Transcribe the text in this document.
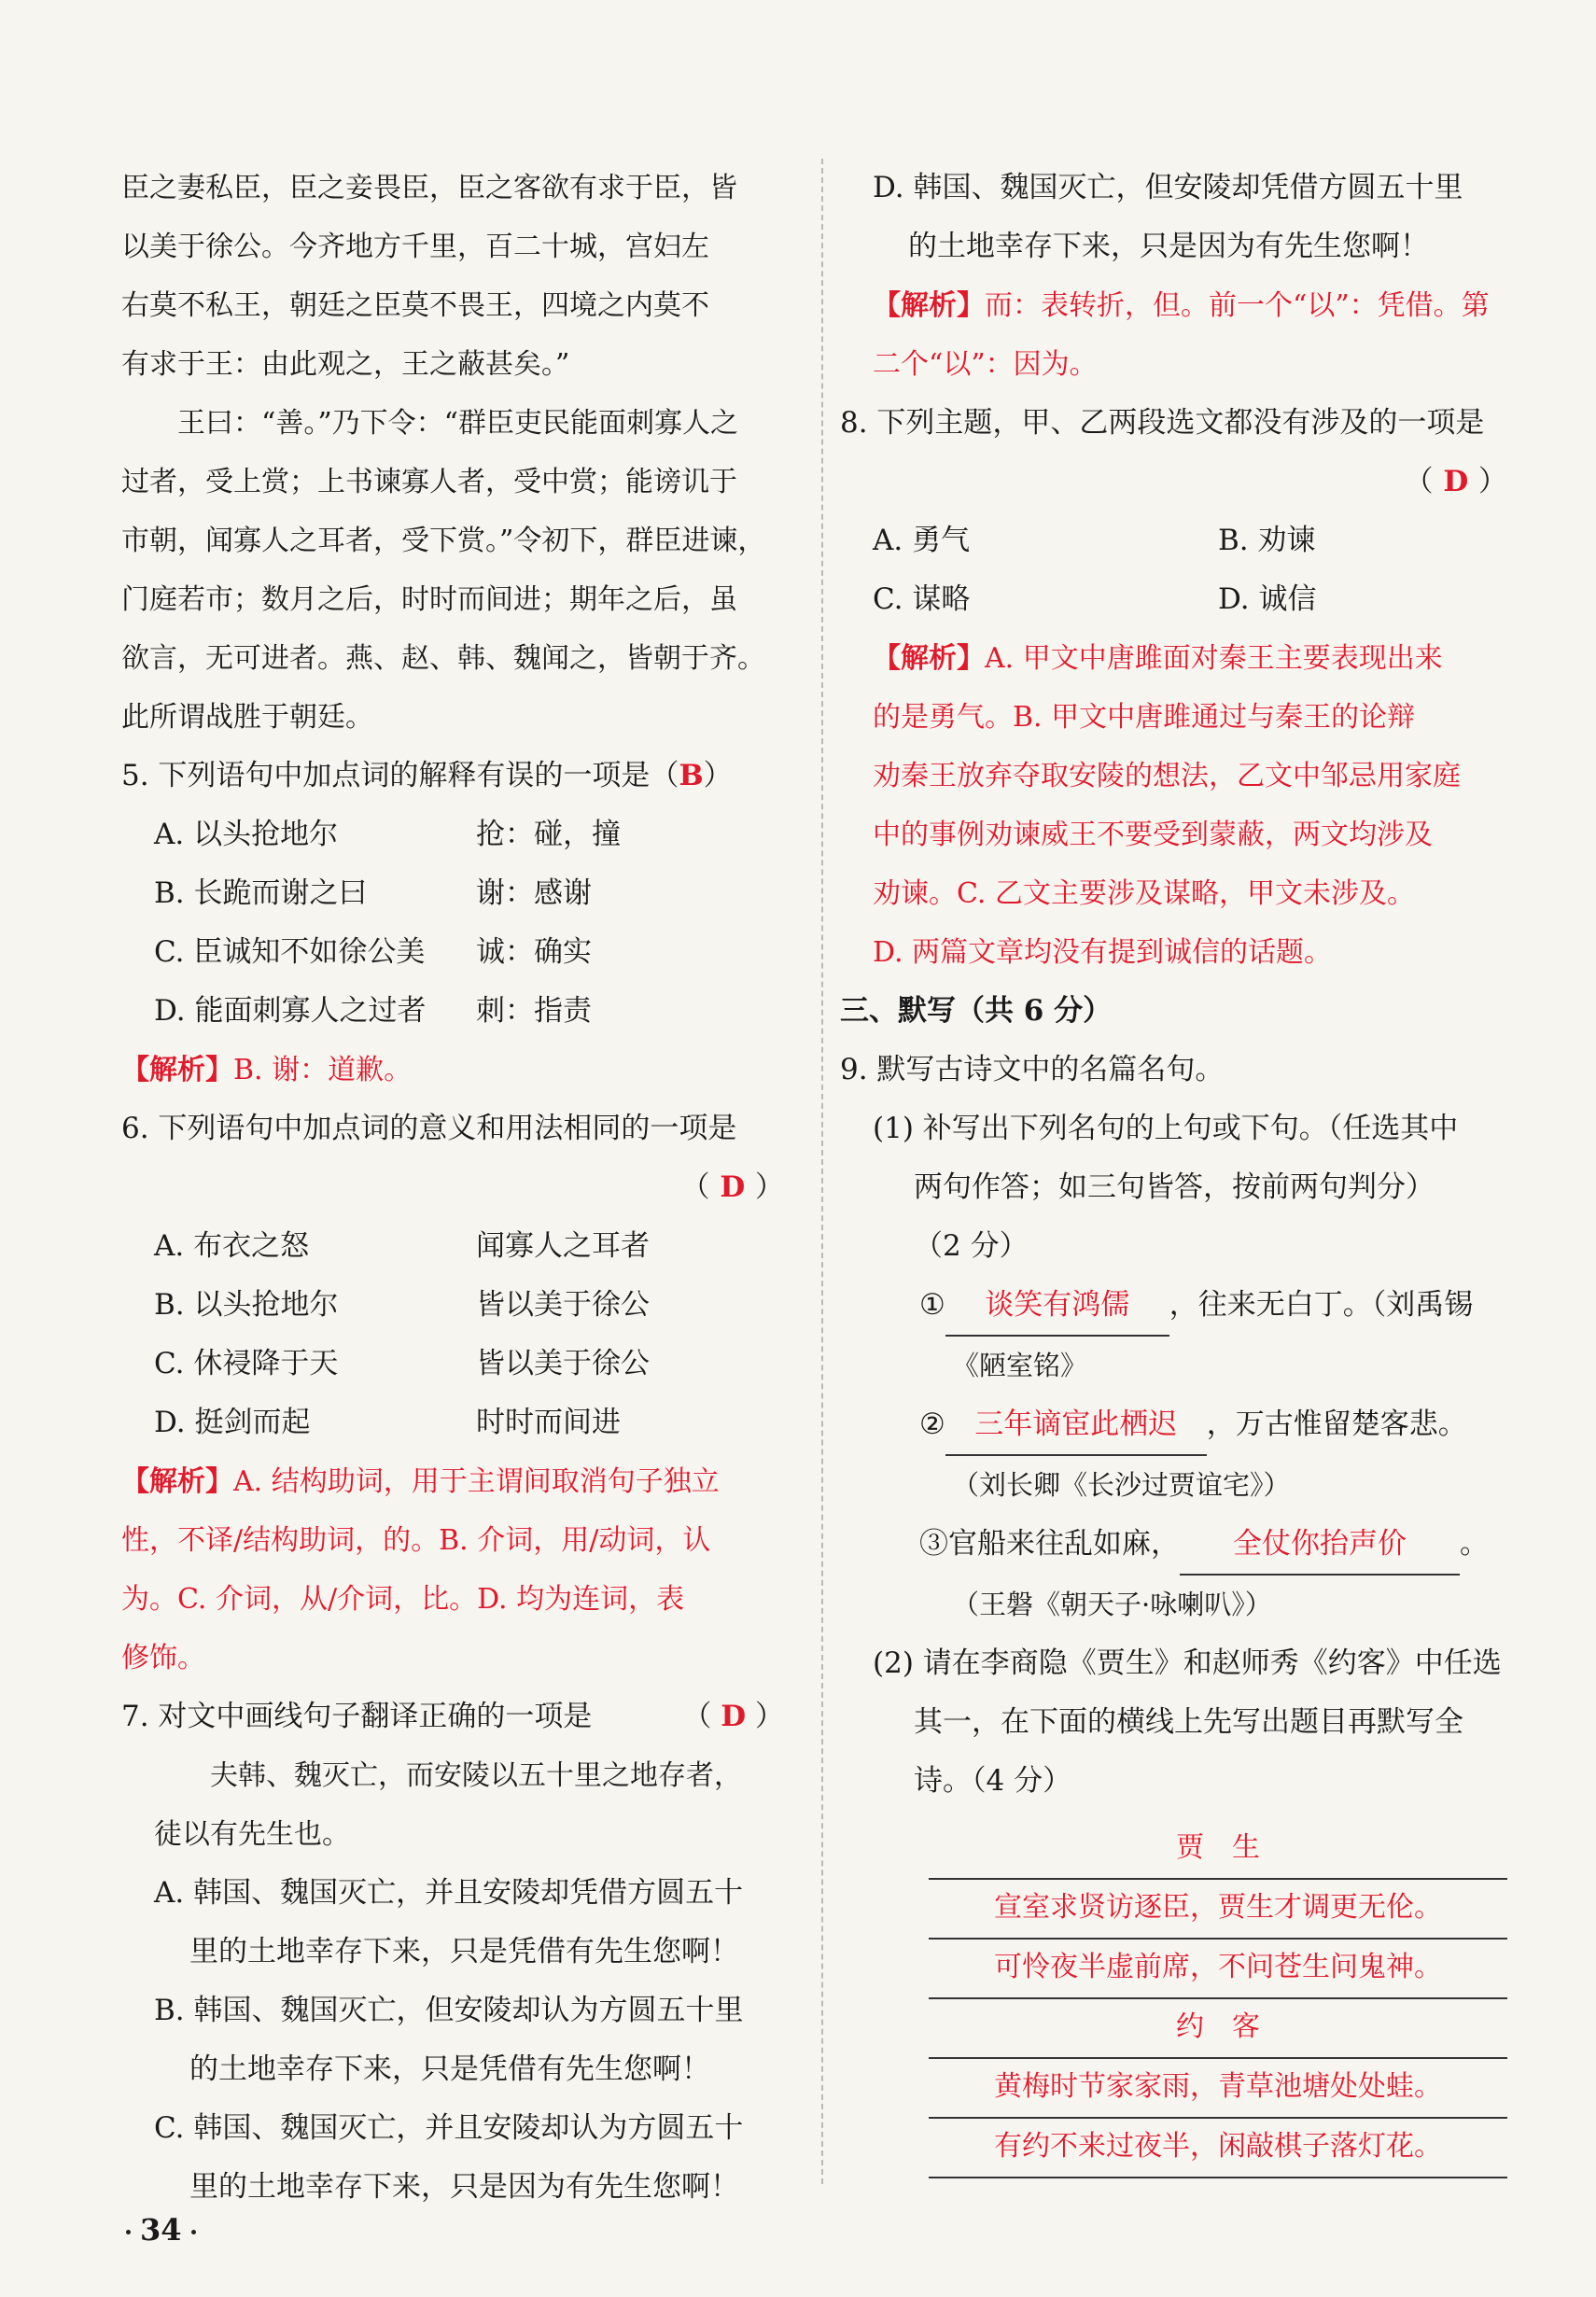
臣之妻私臣，臣之妾畏臣，臣之客欲有求于臣，皆

以美于徐公。今齐地方千里，百二十城，宫妇左

右莫不私王，朝廷之臣莫不畏王，四境之内莫不

有求于王：由此观之，王之蔽甚矣。”

王曰：“善。”乃下令：“群臣吏民能面刺寡人之

过者，受上赏；上书谏寡人者，受中赏；能谤讥于

市朝，闻寡人之耳者，受下赏。”令初下，群臣进谏，

门庭若市；数月之后，时时而间进；期年之后，虽

欲言，无可进者。燕、赵、韩、魏闻之，皆朝于齐。

此所谓战胜于朝廷。

5. 下列语句中加点词的解释有误的一项是（B）

A. 以头抢地尔	抢：碰，撞

B. 长跪而谢之曰	谢：感谢

C. 臣诚知不如徐公美 诚：确实

D. 能面刺寡人之过者 刺：指责

【解析】B. 谢：道歉。

6. 下列语句中加点词的意义和用法相同的一项是

（ D ）

A. 布衣之怒	闻寡人之耳者

B. 以头抢地尔	皆以美于徐公

C. 休祲降于天	皆以美于徐公

D. 挺剑而起	时时而间进

【解析】A. 结构助词，用于主谓间取消句子独立

性，不译/结构助词，的。B. 介词，用/动词，认

为。C. 介词，从/介词，比。D. 均为连词，表

修饰。

7. 对文中画线句子翻译正确的一项是	（ D ）

夫韩、魏灭亡，而安陵以五十里之地存者，

徒以有先生也。

A. 韩国、魏国灭亡，并且安陵却凭借方圆五十

里的土地幸存下来，只是凭借有先生您啊！

B. 韩国、魏国灭亡，但安陵却认为方圆五十里

的土地幸存下来，只是凭借有先生您啊！

C. 韩国、魏国灭亡，并且安陵却认为方圆五十

里的土地幸存下来，只是因为有先生您啊！

D. 韩国、魏国灭亡，但安陵却凭借方圆五十里

的土地幸存下来，只是因为有先生您啊！

【解析】而：表转折，但。前一个“以”：凭借。第

二个“以”：因为。

8. 下列主题，甲、乙两段选文都没有涉及的一项是

（ D ）

A. 勇气	B. 劝谏

C. 谋略	D. 诚信

【解析】A. 甲文中唐雎面对秦王主要表现出来

的是勇气。B. 甲文中唐雎通过与秦王的论辩

劝秦王放弃夺取安陵的想法，乙文中邹忌用家庭

中的事例劝谏威王不要受到蒙蔽，两文均涉及

劝谏。C. 乙文主要涉及谋略，甲文未涉及。

D. 两篇文章均没有提到诚信的话题。

三、默写（共 6 分）

9. 默写古诗文中的名篇名句。

(1) 补写出下列名句的上句或下句。（任选其中

两句作答；如三句皆答，按前两句判分）

（2 分）

① 谈笑有鸿儒 ，往来无白丁。（刘禹锡

《陋室铭》

② 三年谪宦此栖迟 ，万古惟留楚客悲。

（刘长卿《长沙过贾谊宅》）

③官船来往乱如麻， 全仗你抬声价 。

（王磐《朝天子·咏喇叭》）

(2) 请在李商隐《贾生》和赵师秀《约客》中任选

其一，在下面的横线上先写出题目再默写全

诗。（4 分）

贾　生
宣室求贤访逐臣，贾生才调更无伦。
可怜夜半虚前席，不问苍生问鬼神。
约　客
黄梅时节家家雨，青草池塘处处蛙。
有约不来过夜半，闲敲棋子落灯花。
34
